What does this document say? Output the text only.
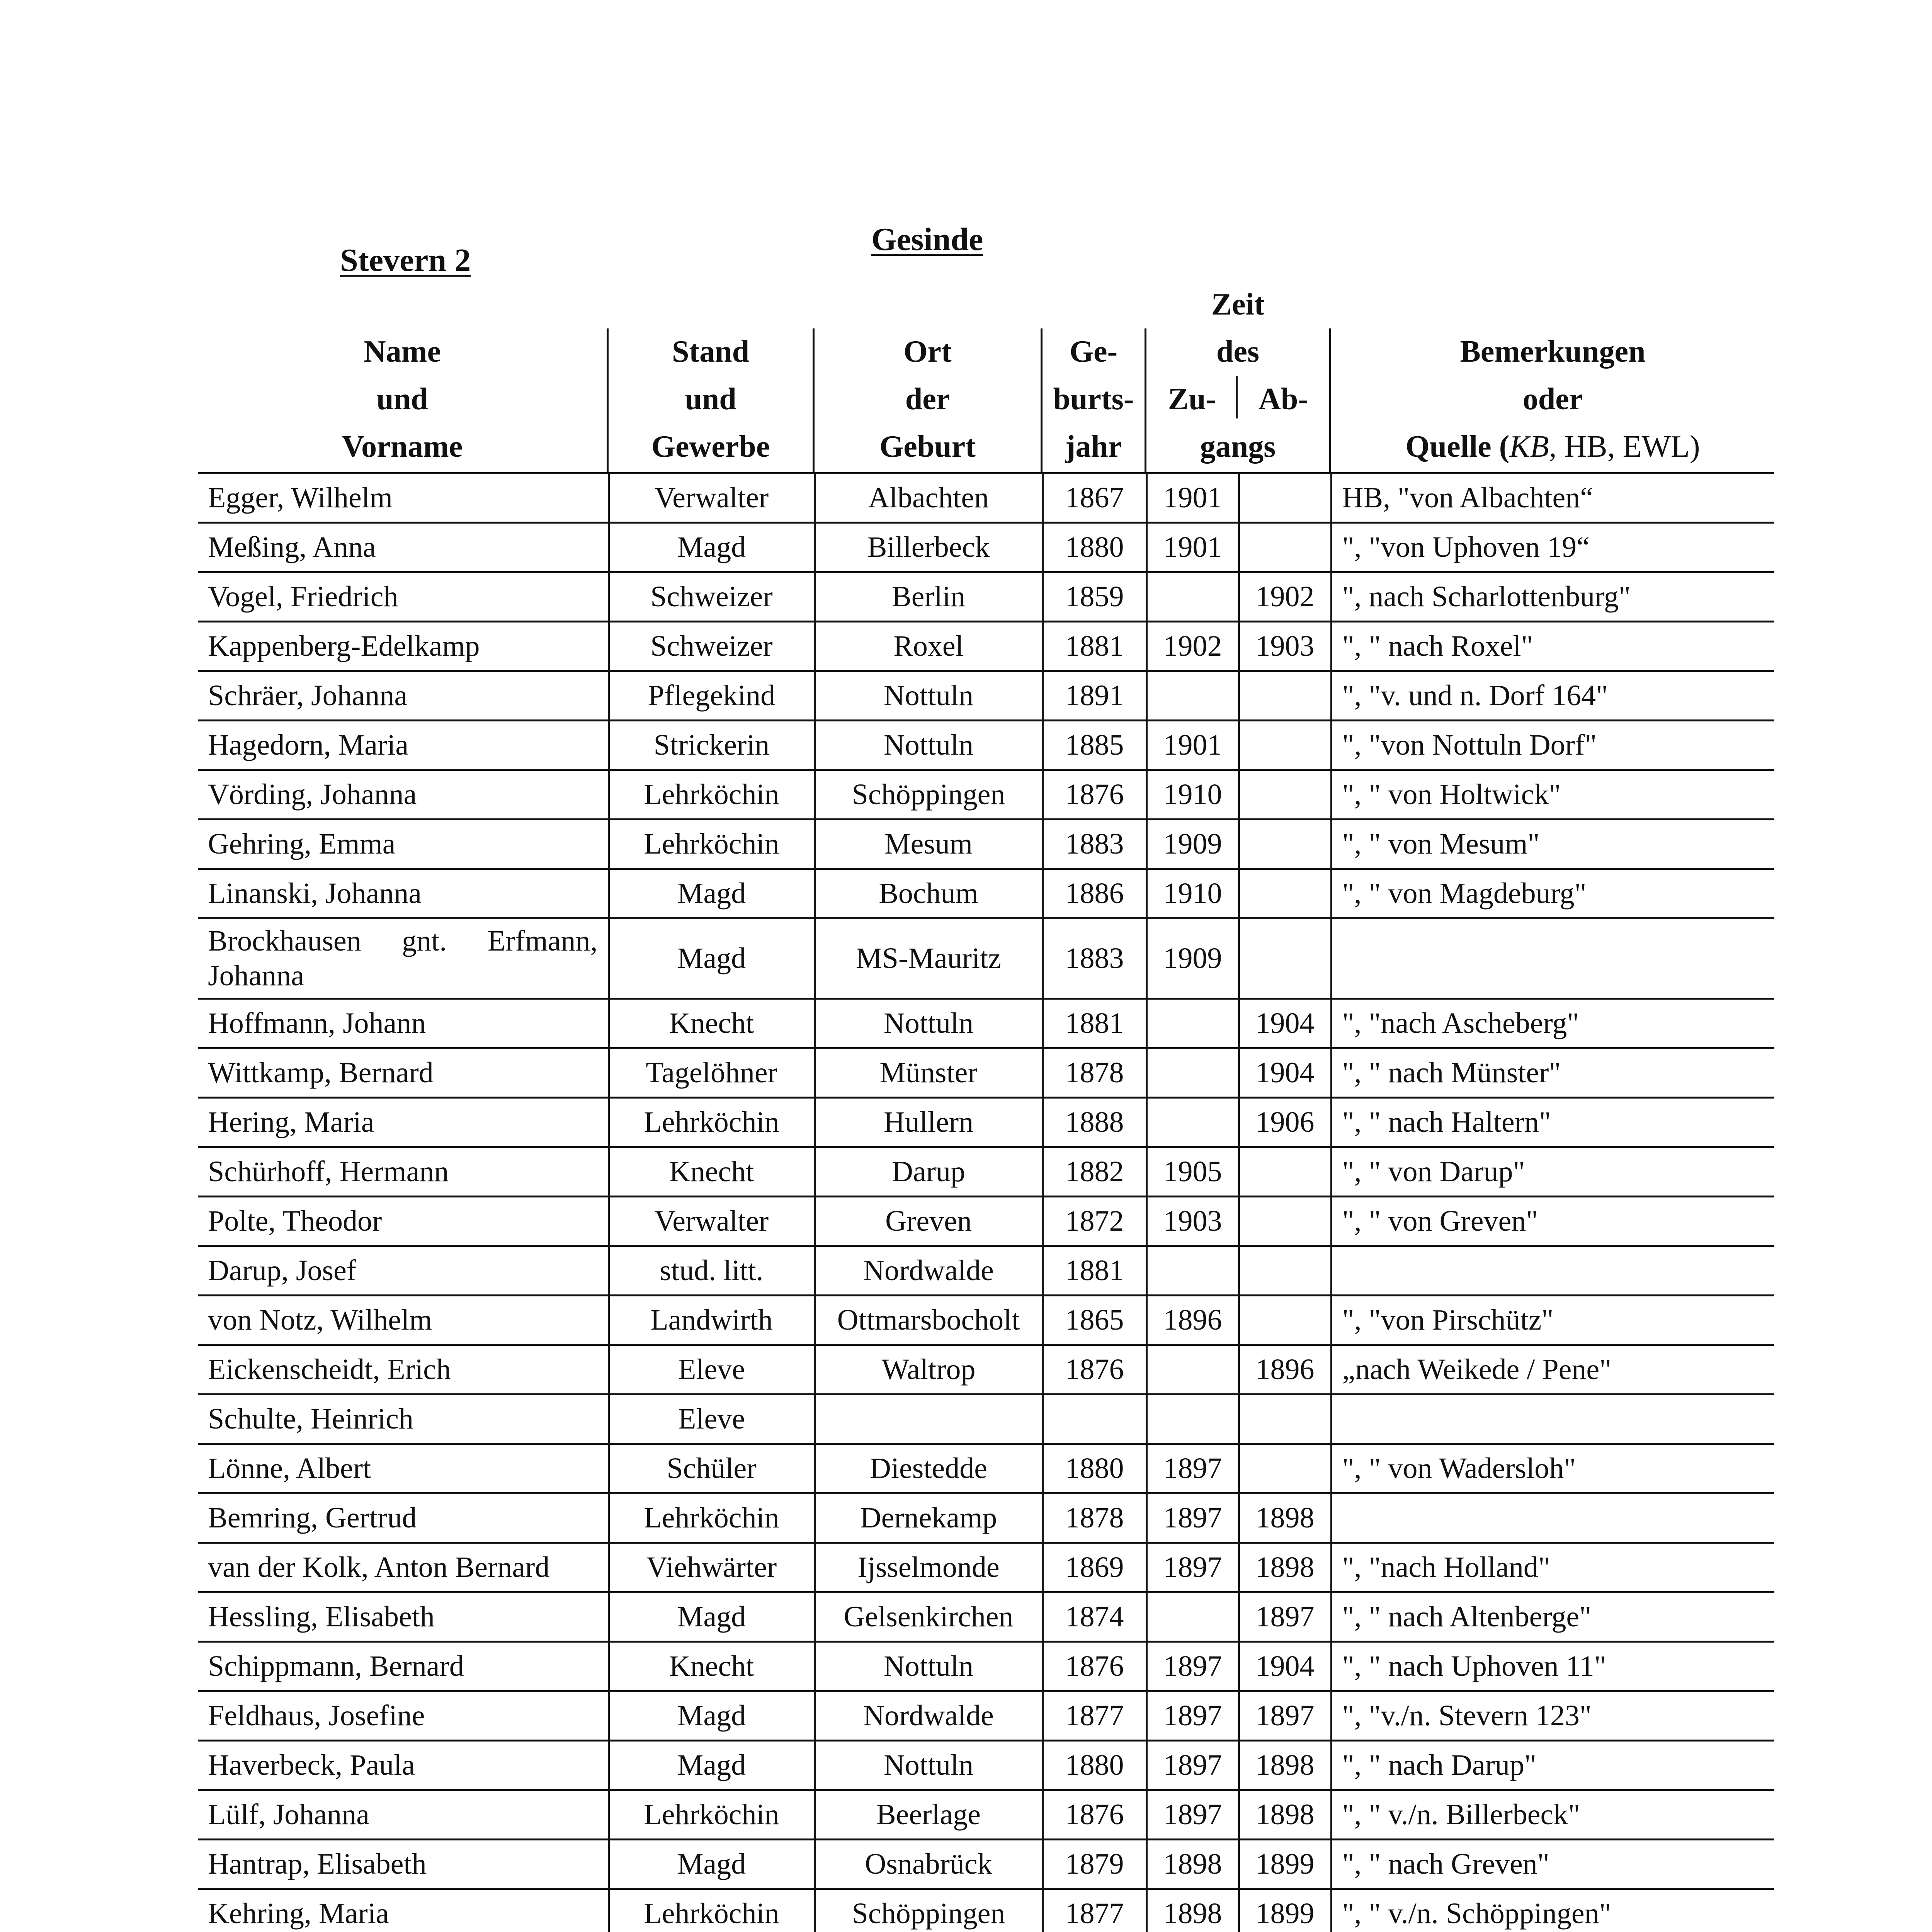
Stevern 2
Gesinde
Name
und
Vorname
Stand
und
Gewerbe
Ort
der
Geburt
Ge-
burts-
jahr
Zeit
des
Zu-	Ab-
gangs
Bemerkungen
oder
Quelle (KB, HB, EWL)
Egger, Wilhelm	Verwalter	Albachten	1867	1901		HB, "von Albachten“
Meßing, Anna	Magd	Billerbeck	1880	1901		", "von Uphoven 19“
Vogel, Friedrich	Schweizer	Berlin	1859		1902	", nach Scharlottenburg"
Kappenberg-Edelkamp	Schweizer	Roxel	1881	1902	1903	", " nach Roxel"
Schräer, Johanna	Pflegekind	Nottuln	1891			", "v. und n. Dorf 164"
Hagedorn, Maria	Strickerin	Nottuln	1885	1901		", "von Nottuln Dorf"
Vörding, Johanna	Lehrköchin	Schöppingen	1876	1910		", " von Holtwick"
Gehring, Emma	Lehrköchin	Mesum	1883	1909		", " von Mesum"
Linanski, Johanna	Magd	Bochum	1886	1910		", " von Magdeburg"
Brockhausen gnt. Erfmann, Johanna	Magd	MS-Mauritz	1883	1909		
Hoffmann, Johann	Knecht	Nottuln	1881		1904	", "nach Ascheberg"
Wittkamp, Bernard	Tagelöhner	Münster	1878		1904	", " nach Münster"
Hering, Maria	Lehrköchin	Hullern	1888		1906	", " nach Haltern"
Schürhoff, Hermann	Knecht	Darup	1882	1905		", " von Darup"
Polte, Theodor	Verwalter	Greven	1872	1903		", " von Greven"
Darup, Josef	stud. litt.	Nordwalde	1881			
von Notz, Wilhelm	Landwirth	Ottmarsbocholt	1865	1896		", "von Pirschütz"
Eickenscheidt, Erich	Eleve	Waltrop	1876		1896	„nach Weikede / Pene"
Schulte, Heinrich	Eleve					
Lönne, Albert	Schüler	Diestedde	1880	1897		", " von Wadersloh"
Bemring, Gertrud	Lehrköchin	Dernekamp	1878	1897	1898	
van der Kolk, Anton Bernard	Viehwärter	Ijsselmonde	1869	1897	1898	", "nach Holland"
Hessling, Elisabeth	Magd	Gelsenkirchen	1874		1897	", " nach Altenberge"
Schippmann, Bernard	Knecht	Nottuln	1876	1897	1904	", " nach Uphoven 11"
Feldhaus, Josefine	Magd	Nordwalde	1877	1897	1897	", "v./n. Stevern 123"
Haverbeck, Paula	Magd	Nottuln	1880	1897	1898	", " nach Darup"
Lülf, Johanna	Lehrköchin	Beerlage	1876	1897	1898	", " v./n. Billerbeck"
Hantrap, Elisabeth	Magd	Osnabrück	1879	1898	1899	", " nach Greven"
Kehring, Maria	Lehrköchin	Schöppingen	1877	1898	1899	", " v./n. Schöppingen"
